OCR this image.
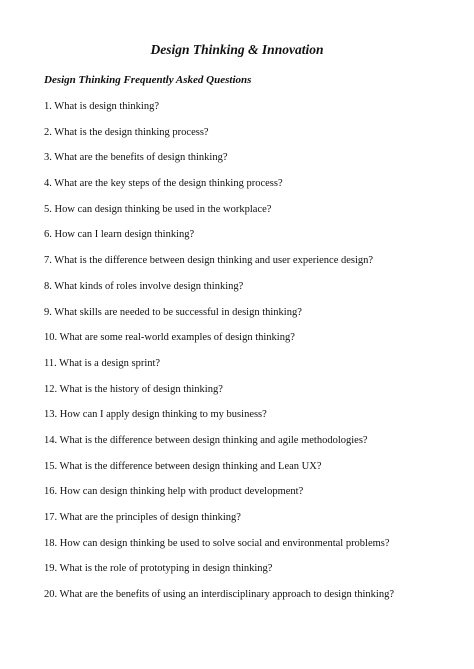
Design Thinking & Innovation
Design Thinking Frequently Asked Questions
1. What is design thinking?
2. What is the design thinking process?
3. What are the benefits of design thinking?
4. What are the key steps of the design thinking process?
5. How can design thinking be used in the workplace?
6. How can I learn design thinking?
7. What is the difference between design thinking and user experience design?
8. What kinds of roles involve design thinking?
9. What skills are needed to be successful in design thinking?
10. What are some real-world examples of design thinking?
11. What is a design sprint?
12. What is the history of design thinking?
13. How can I apply design thinking to my business?
14. What is the difference between design thinking and agile methodologies?
15. What is the difference between design thinking and Lean UX?
16. How can design thinking help with product development?
17. What are the principles of design thinking?
18. How can design thinking be used to solve social and environmental problems?
19. What is the role of prototyping in design thinking?
20. What are the benefits of using an interdisciplinary approach to design thinking?
